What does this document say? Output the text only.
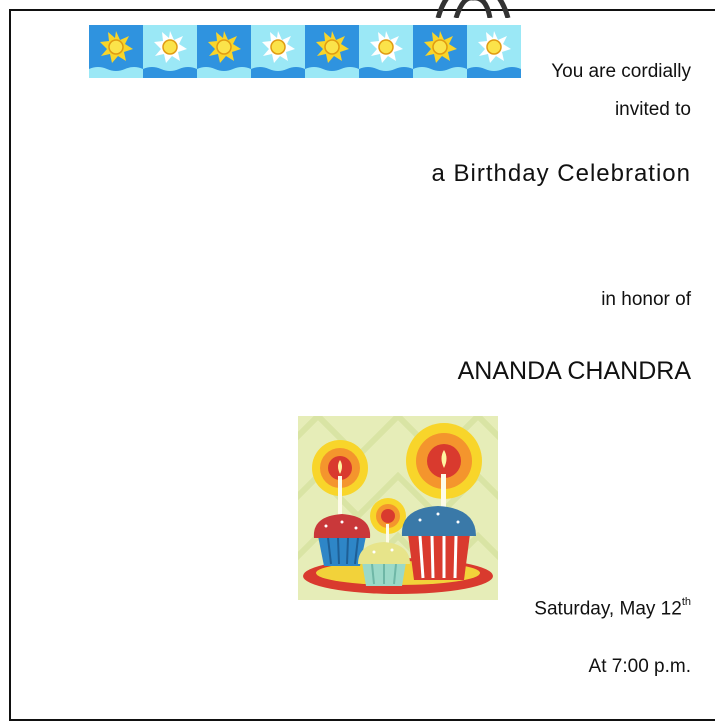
You are cordially
invited to
a Birthday Celebration
in honor of
ANANDA CHANDRA
Saturday, May 12th
At 7:00 p.m.
